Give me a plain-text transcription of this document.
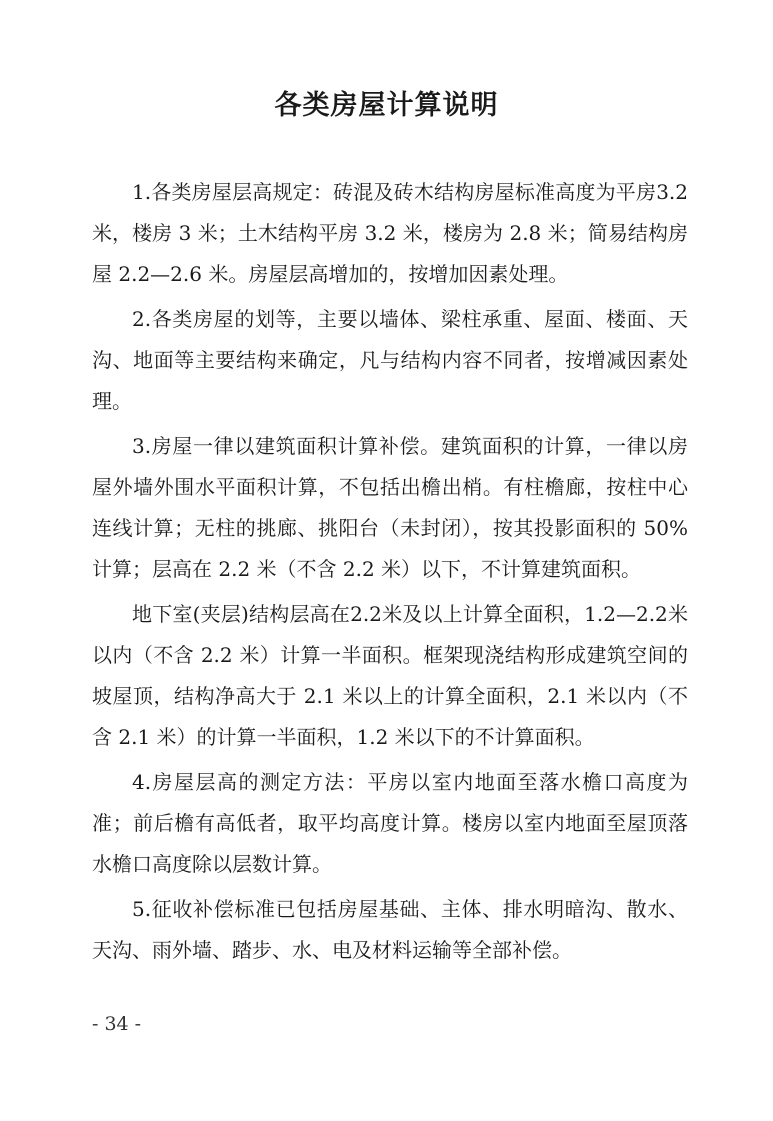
各类房屋计算说明

1.各类房屋层高规定：砖混及砖木结构房屋标准高度为平房3.2 米，楼房 3 米；土木结构平房 3.2 米，楼房为 2.8 米；简易结构房屋 2.2—2.6 米。房屋层高增加的，按增加因素处理。

2.各类房屋的划等，主要以墙体、梁柱承重、屋面、楼面、天沟、地面等主要结构来确定，凡与结构内容不同者，按增减因素处理。

3.房屋一律以建筑面积计算补偿。建筑面积的计算，一律以房屋外墙外围水平面积计算，不包括出檐出梢。有柱檐廊，按柱中心连线计算；无柱的挑廊、挑阳台（未封闭），按其投影面积的 50%计算；层高在 2.2 米（不含 2.2 米）以下，不计算建筑面积。

地下室(夹层)结构层高在2.2米及以上计算全面积，1.2—2.2米以内（不含 2.2 米）计算一半面积。框架现浇结构形成建筑空间的坡屋顶，结构净高大于 2.1 米以上的计算全面积，2.1 米以内（不含 2.1 米）的计算一半面积，1.2 米以下的不计算面积。

4.房屋层高的测定方法：平房以室内地面至落水檐口高度为准；前后檐有高低者，取平均高度计算。楼房以室内地面至屋顶落水檐口高度除以层数计算。

5.征收补偿标准已包括房屋基础、主体、排水明暗沟、散水、天沟、雨外墙、踏步、水、电及材料运输等全部补偿。

- 34 -
